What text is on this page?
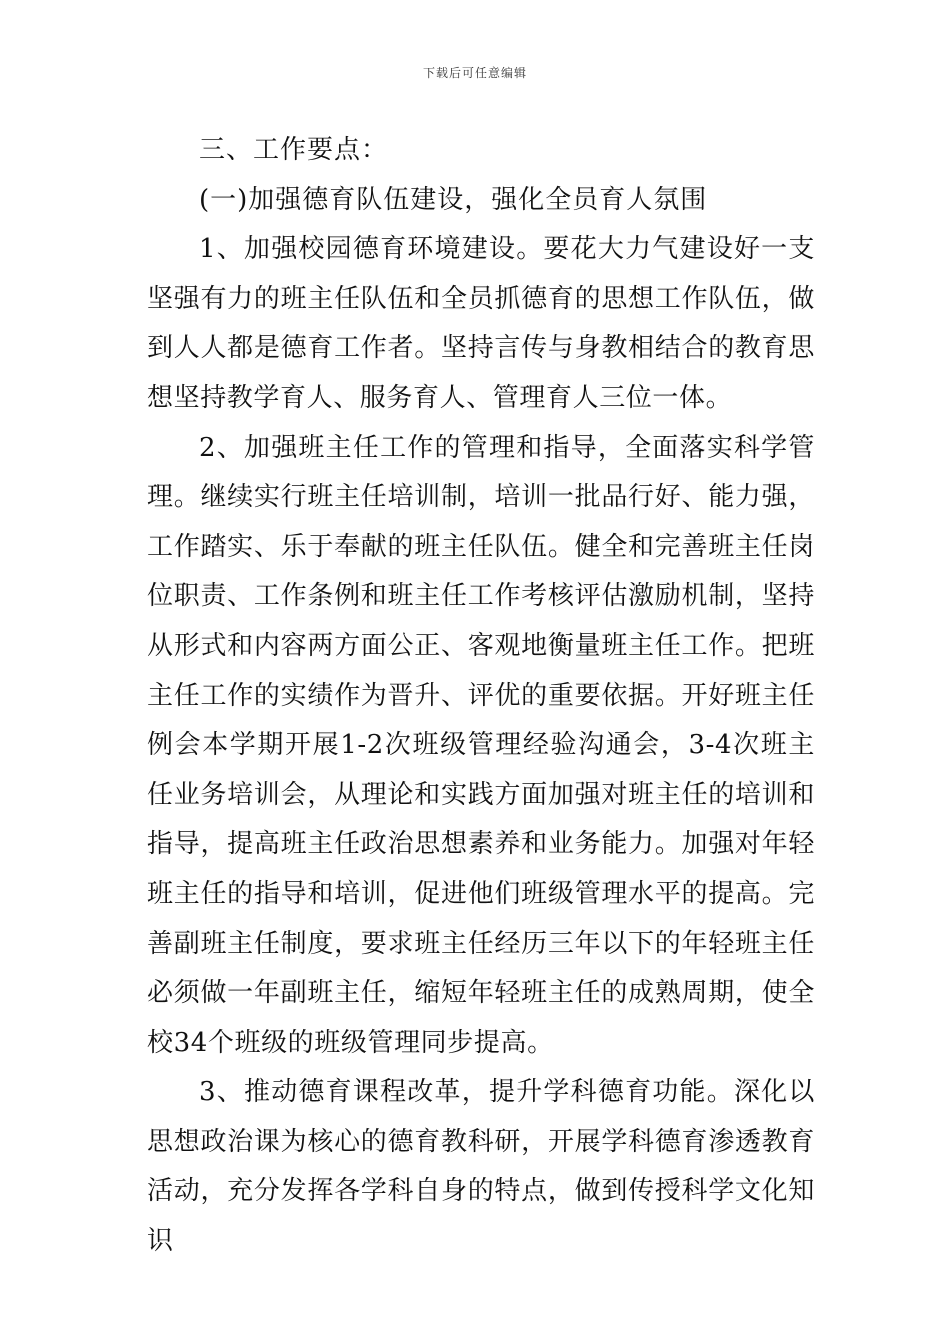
下载后可任意编辑

三、工作要点：

(一)加强德育队伍建设，强化全员育人氛围

1、加强校园德育环境建设。要花大力气建设好一支坚强有力的班主任队伍和全员抓德育的思想工作队伍，做到人人都是德育工作者。坚持言传与身教相结合的教育思想坚持教学育人、服务育人、管理育人三位一体。

2、加强班主任工作的管理和指导，全面落实科学管理。继续实行班主任培训制，培训一批品行好、能力强，工作踏实、乐于奉献的班主任队伍。健全和完善班主任岗位职责、工作条例和班主任工作考核评估激励机制，坚持从形式和内容两方面公正、客观地衡量班主任工作。把班主任工作的实绩作为晋升、评优的重要依据。开好班主任例会本学期开展1-2次班级管理经验沟通会，3-4次班主任业务培训会，从理论和实践方面加强对班主任的培训和指导，提高班主任政治思想素养和业务能力。加强对年轻班主任的指导和培训，促进他们班级管理水平的提高。完善副班主任制度，要求班主任经历三年以下的年轻班主任必须做一年副班主任，缩短年轻班主任的成熟周期，使全校34个班级的班级管理同步提高。

3、推动德育课程改革，提升学科德育功能。深化以思想政治课为核心的德育教科研，开展学科德育渗透教育活动，充分发挥各学科自身的特点，做到传授科学文化知识
